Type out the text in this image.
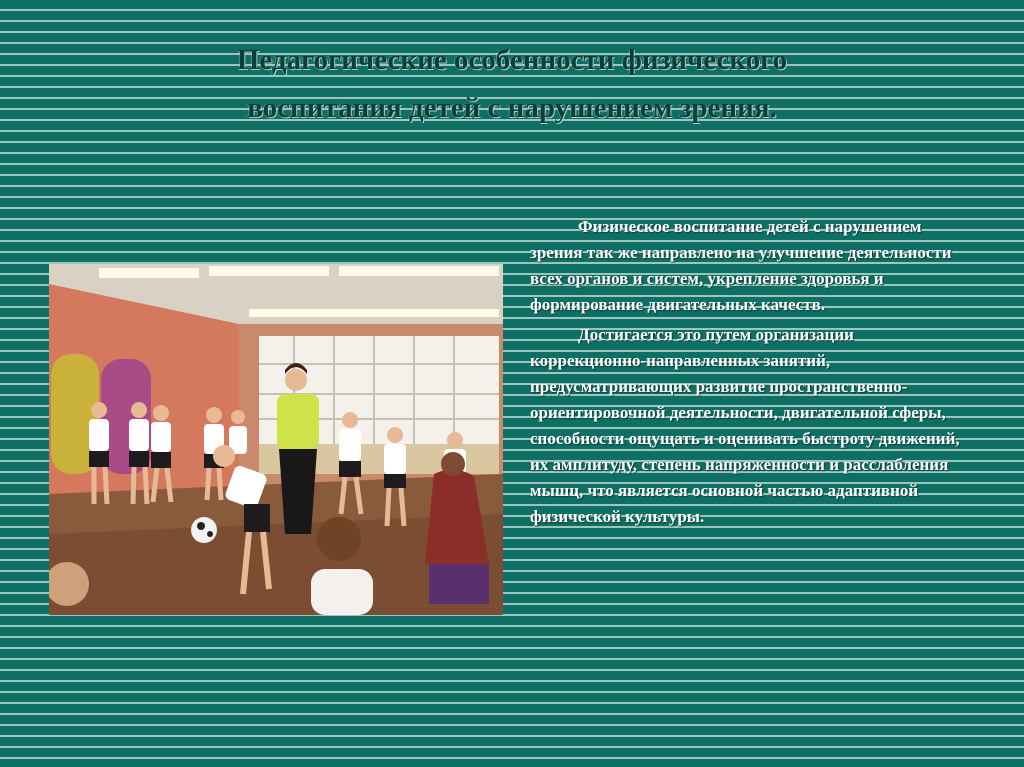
Педагогические особенности физического
воспитания детей с нарушением зрения.

Физическое воспитание детей с нарушением зрения так же направлено на улучшение деятельности всех органов и систем, укрепление здоровья и формирование двигательных качеств.

Достигается это путем организации коррекционно-направленных занятий, предусматривающих развитие пространственно-ориентировочной деятельности, двигательной сферы, способности ощущать и оценивать быстроту движений, их амплитуду, степень напряженности и расслабления мышц, что является основной частью адаптивной физической культуры.
